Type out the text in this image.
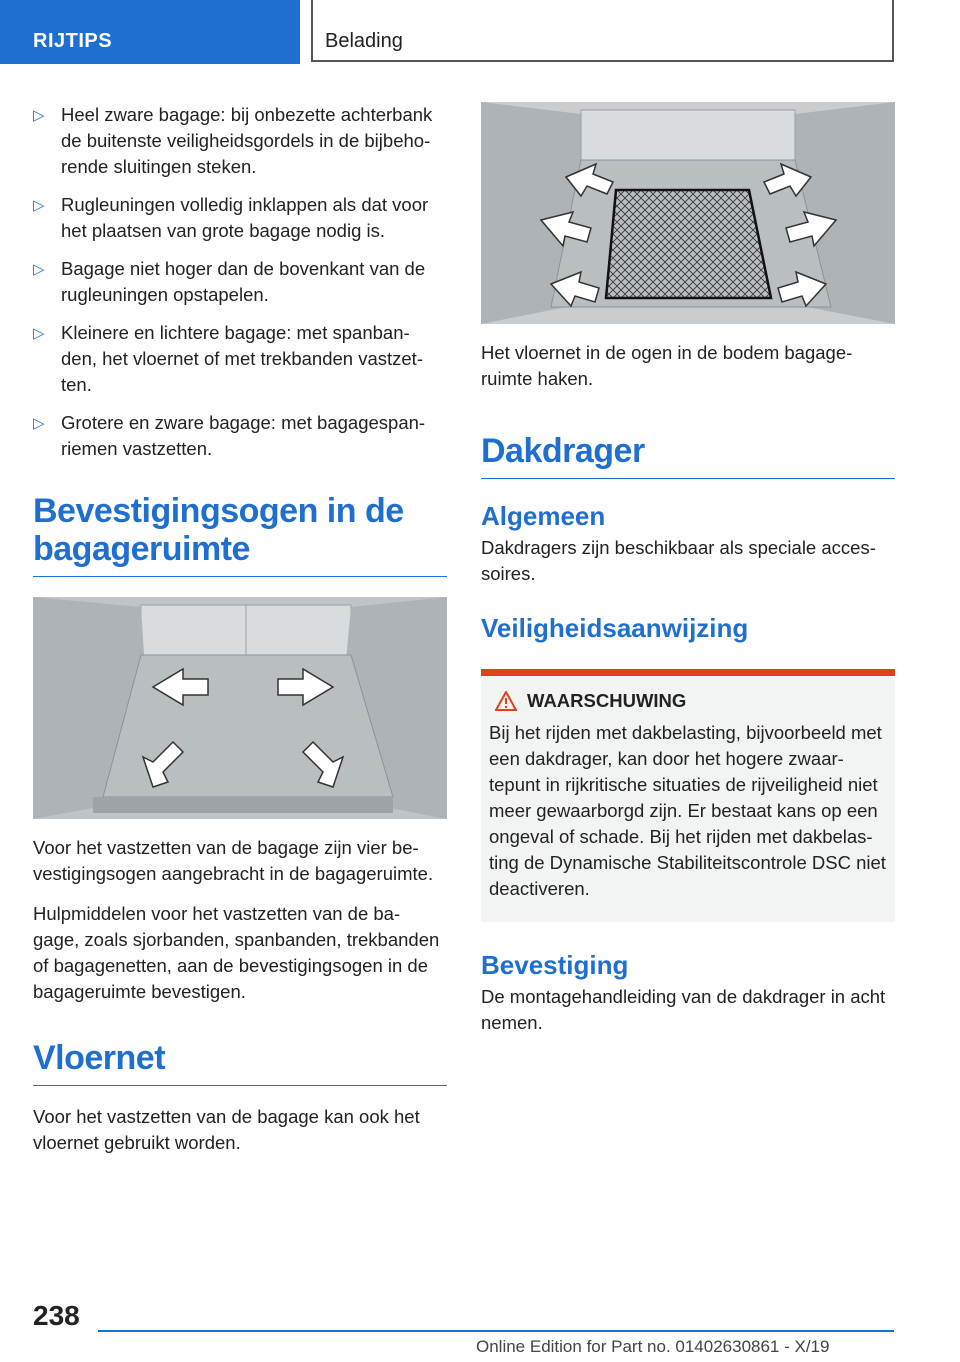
RIJTIPS	Belading
▷ Heel zware bagage: bij onbezette achterbank de buitenste veiligheidsgordels in de bijbeho- rende sluitingen steken.
▷ Rugleuningen volledig inklappen als dat voor het plaatsen van grote bagage nodig is.
▷ Bagage niet hoger dan de bovenkant van de rugleuningen opstapelen.
▷ Kleinere en lichtere bagage: met spanban- den, het vloernet of met trekbanden vastzet- ten.
▷ Grotere en zware bagage: met bagagespan- riemen vastzetten.
Bevestigingsogen in de bagageruimte

Voor het vastzetten van de bagage zijn vier be- vestigingsogen aangebracht in de bagageruimte.

Hulpmiddelen voor het vastzetten van de ba- gage, zoals sjorbanden, spanbanden, trekbanden of bagagenetten, aan de bevestigingsogen in de bagageruimte bevestigen.

Vloernet

Voor het vastzetten van de bagage kan ook het vloernet gebruikt worden.

Het vloernet in de ogen in de bodem bagage- ruimte haken.

Dakdrager
Algemeen

Dakdragers zijn beschikbaar als speciale acces- soires.

Veiligheidsaanwijzing
WAARSCHUWING

Bij het rijden met dakbelasting, bijvoorbeeld met een dakdrager, kan door het hogere zwaar- tepunt in rijkritische situaties de rijveiligheid niet meer gewaarborgd zijn. Er bestaat kans op een ongeval of schade. Bij het rijden met dakbelas- ting de Dynamische Stabiliteitscontrole DSC niet deactiveren.

Bevestiging

De montagehandleiding van de dakdrager in acht nemen.

238
Online Edition for Part no. 01402630861 - X/19
